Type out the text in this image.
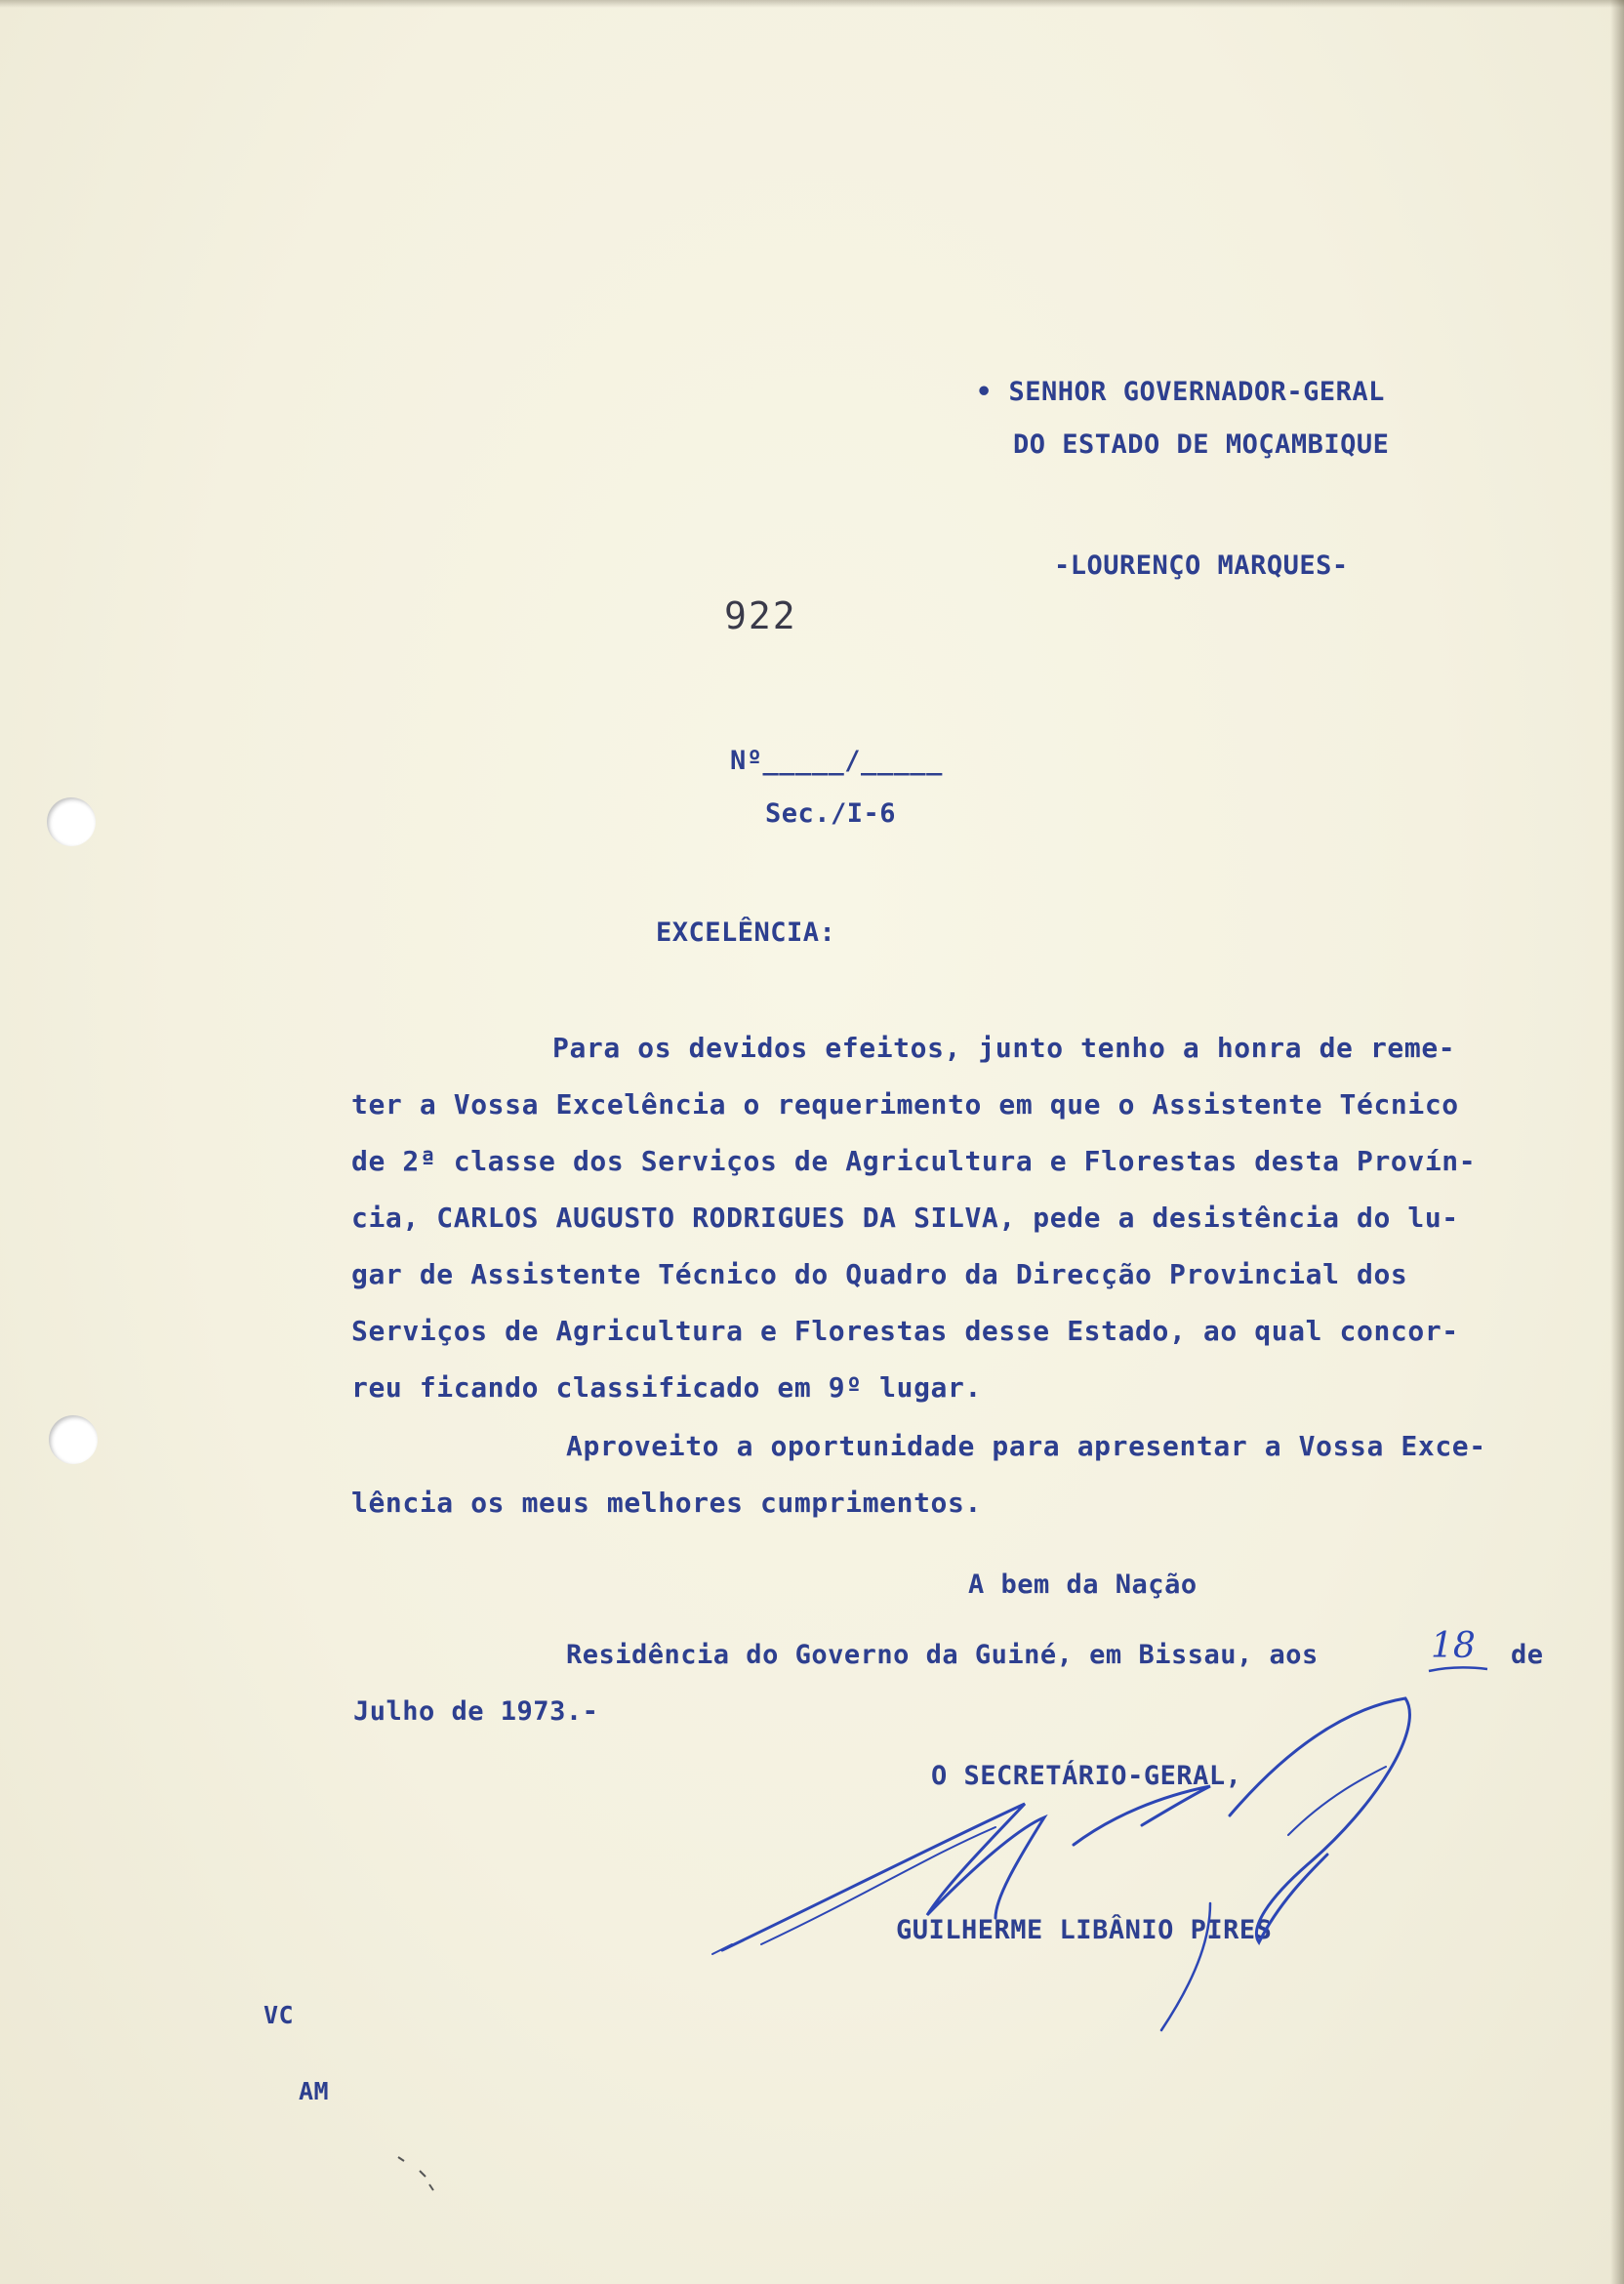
• SENHOR GOVERNADOR-GERAL
DO ESTADO DE MOÇAMBIQUE
-LOURENÇO MARQUES-
922
Nº_____/_____
Sec./I-6
EXCELÊNCIA:
Para os devidos efeitos, junto tenho a honra de reme-
ter a Vossa Excelência o requerimento em que o Assistente Técnico
de 2ª classe dos Serviços de Agricultura e Florestas desta Provín-
cia, CARLOS AUGUSTO RODRIGUES DA SILVA, pede a desistência do lu-
gar de Assistente Técnico do Quadro da Direcção Provincial dos
Serviços de Agricultura e Florestas desse Estado, ao qual concor-
reu ficando classificado em 9º lugar.
Aproveito a oportunidade para apresentar a Vossa Exce-
lência os meus melhores cumprimentos.
A bem da Nação
Residência do Governo da Guiné, em Bissau, aos	18 de
Julho de 1973.-
O SECRETÁRIO-GERAL,
GUILHERME LIBÂNIO PIRES
VC
AM
